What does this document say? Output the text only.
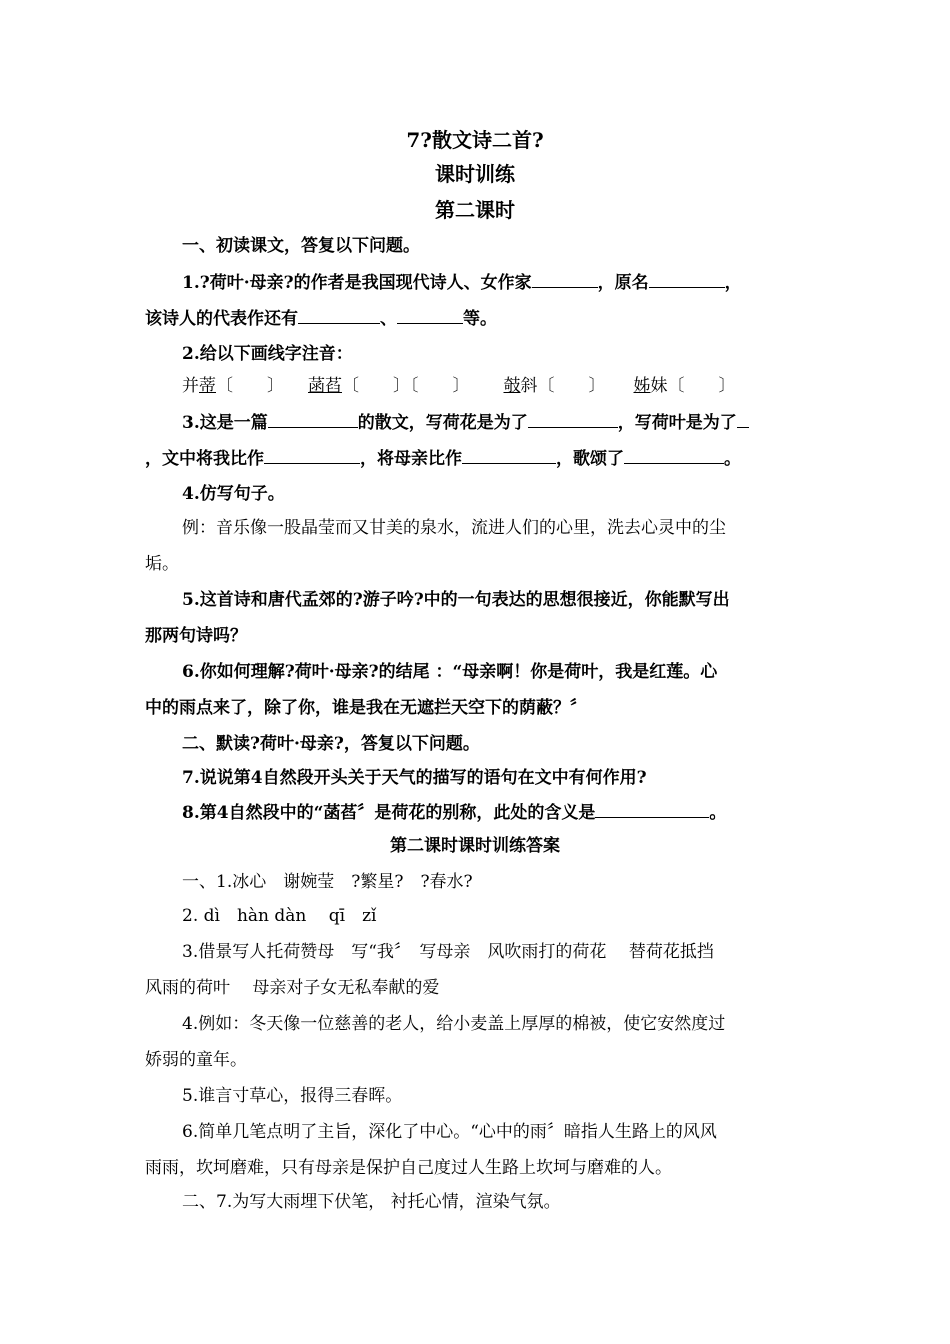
7?散文诗二首?
课时训练
第二课时
一、初读课文，答复以下问题。
1.?荷叶·母亲?的作者是我国现代诗人、女作家	，原名	，
该诗人的代表作还有	、	等。
2.给以下画线字注音：
并蒂〔　　〕 菡萏〔　　〕〔　　〕 攲斜〔　　〕 姊妹〔　　〕
3.这是一篇	的散文，写荷花是为了	，写荷叶是为了
，文中将我比作	，将母亲比作	，歌颂了	。
4.仿写句子。
例：音乐像一股晶莹而又甘美的泉水，流进人们的心里，洗去心灵中的尘
垢。
5.这首诗和唐代孟郊的?游子吟?中的一句表达的思想很接近，你能默写出
那两句诗吗？
6.你如何理解?荷叶·母亲?的结尾 ：“母亲啊！你是荷叶，我是红莲。心
中的雨点来了，除了你，谁是我在无遮拦天空下的荫蔽？〞
二、默读?荷叶·母亲?，答复以下问题。
7.说说第4自然段开头关于天气的描写的语句在文中有何作用?
8.第4自然段中的“菡萏〞是荷花的别称，此处的含义是	。
第二课时课时训练答案
一、1.冰心　谢婉莹　?繁星?　?春水?
2. dì　hàn dàn　 qī　zǐ
3.借景写人托荷赞母　写“我〞　写母亲　风吹雨打的荷花　 替荷花抵挡
风雨的荷叶　 母亲对子女无私奉献的爱
4.例如：冬天像一位慈善的老人，给小麦盖上厚厚的棉被，使它安然度过
娇弱的童年。
5.谁言寸草心，报得三春晖。
6.简单几笔点明了主旨，深化了中心。“心中的雨〞暗指人生路上的风风
雨雨，坎坷磨难，只有母亲是保护自己度过人生路上坎坷与磨难的人。
二、7.为写大雨埋下伏笔， 衬托心情，渲染气氛。
